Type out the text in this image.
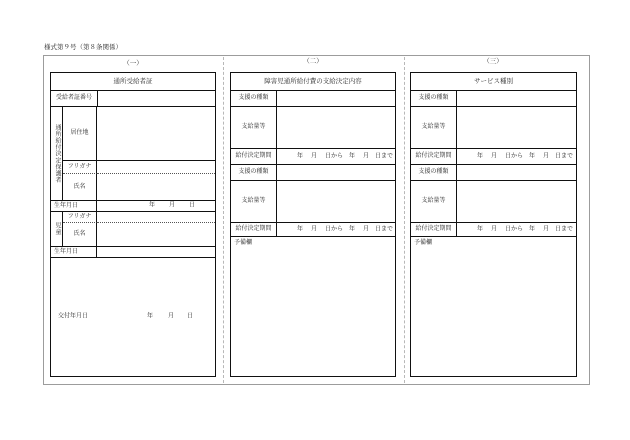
様式第９号（第８条関係）
（一）	（二）	（三）
通所受給者証
受給者証番号
通所給付決定保護者	居住地
フリガナ
氏名
生年月日	年 月 日
児童
フリガナ
氏名
生年月日
交付年月日	年 月 日
障害児通所給付費の支給決定内容
支援の種類
支給量等
給付決定期間	年 月 日から 年 月 日まで
支援の種類
支給量等
給付決定期間	年 月 日から 年 月 日まで
予備欄
サービス種別
支援の種類
支給量等
給付決定期間	年 月 日から 年 月 日まで
支援の種類
支給量等
給付決定期間	年 月 日から 年 月 日まで
予備欄
